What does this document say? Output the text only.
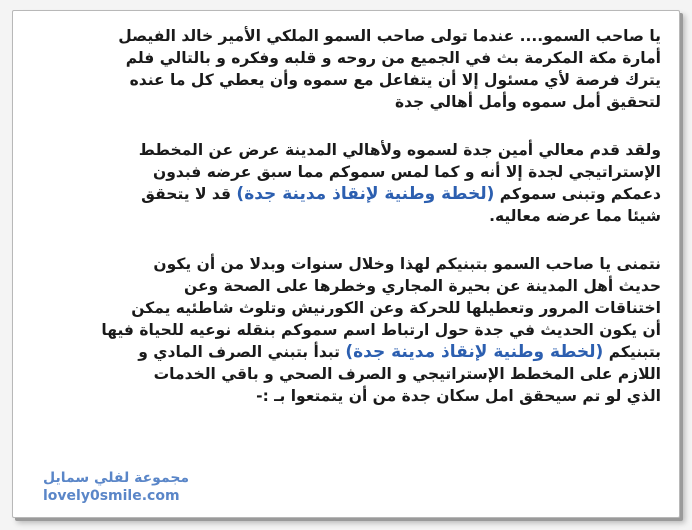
يا صاحب السمو.... عندما تولى صاحب السمو الملكي الأمير خالد الفيصل
أمارة مكة المكرمة بث في الجميع من روحه و قلبه وفكره و بالتالي فلم
يترك فرصة لأي مسئول إلا أن يتفاعل مع سموه وأن يعطي كل ما عنده
لتحقيق أمل سموه وأمل أهالي جدة
ولقد قدم معالي أمين جدة لسموه ولأهالي المدينة عرض عن المخطط
الإستراتيجي لجدة إلا أنه و كما لمس سموكم مما سبق عرضه فبدون
دعمكم وتبنى سموكم (لخطة وطنية لإنقاذ مدينة جدة) قد لا يتحقق
شيئا مما عرضه معاليه.
نتمنى يا صاحب السمو بتبنيكم لهذا وخلال سنوات وبدلا من أن يكون
حديث أهل المدينة عن بحيرة المجاري وخطرها على الصحة وعن
اختناقات المرور وتعطيلها للحركة وعن الكورنيش وتلوث شاطئيه يمكن
أن يكون الحديث في جدة حول ارتباط اسم سموكم بنقله نوعيه للحياة فيها
بتبنيكم (لخطة وطنية لإنقاذ مدينة جدة) تبدأ بتبني الصرف المادي و
اللازم على المخطط الإستراتيجي و الصرف الصحي و باقي الخدمات
الذي لو تم سيحقق امل سكان جدة من أن يتمتعوا بـ :-
مجموعة لفلي سمايل
lovely0smile.com
